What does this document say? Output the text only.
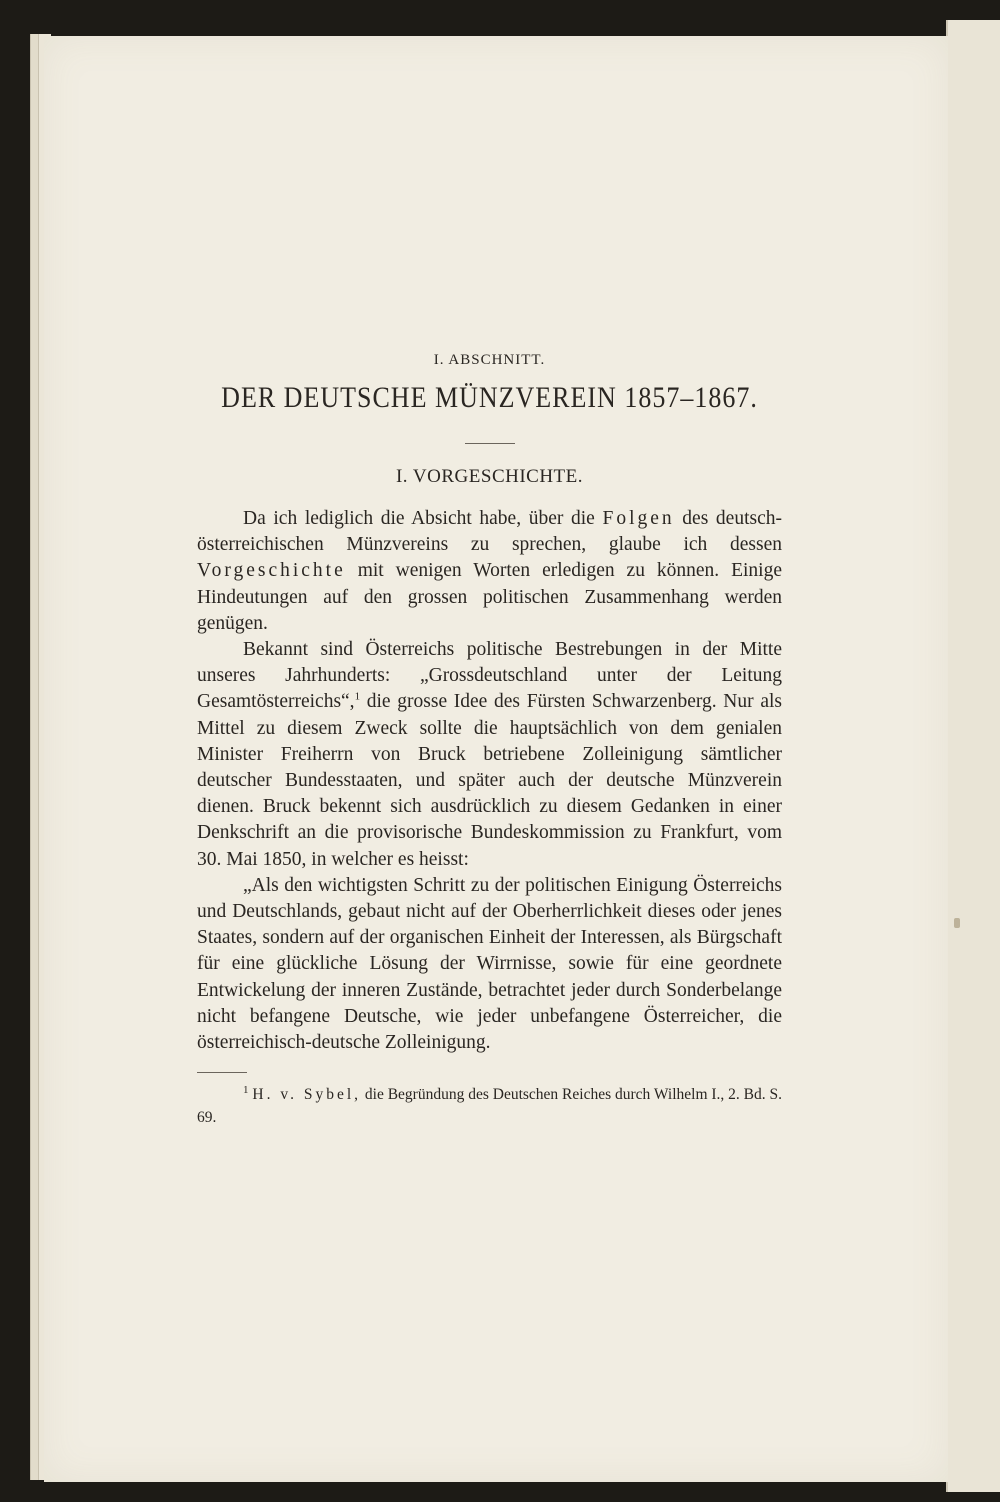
I. ABSCHNITT.

DER DEUTSCHE MÜNZVEREIN 1857–1867.

I. VORGESCHICHTE.

Da ich lediglich die Absicht habe, über die Folgen des deutsch-österreichischen Münzvereins zu sprechen, glaube ich dessen Vorgeschichte mit wenigen Worten erledigen zu können. Einige Hindeutungen auf den grossen politischen Zusammenhang werden genügen.

Bekannt sind Österreichs politische Bestrebungen in der Mitte unseres Jahrhunderts: „Grossdeutschland unter der Leitung Gesamtösterreichs“,$^1$ die grosse Idee des Fürsten Schwarzenberg. Nur als Mittel zu diesem Zweck sollte die hauptsächlich von dem genialen Minister Freiherrn von Bruck betriebene Zolleinigung sämtlicher deutscher Bundesstaaten, und später auch der deutsche Münzverein dienen. Bruck bekennt sich ausdrücklich zu diesem Gedanken in einer Denkschrift an die provisorische Bundeskommission zu Frankfurt, vom 30. Mai 1850, in welcher es heisst:

„Als den wichtigsten Schritt zu der politischen Einigung Österreichs und Deutschlands, gebaut nicht auf der Oberherrlichkeit dieses oder jenes Staates, sondern auf der organischen Einheit der Interessen, als Bürgschaft für eine glückliche Lösung der Wirrnisse, sowie für eine geordnete Entwickelung der inneren Zustände, betrachtet jeder durch Sonderbelange nicht befangene Deutsche, wie jeder unbefangene Österreicher, die österreichisch-deutsche Zolleinigung.

$^1$ H. v. Sybel, die Begründung des Deutschen Reiches durch Wilhelm I., 2. Bd. S. 69.
